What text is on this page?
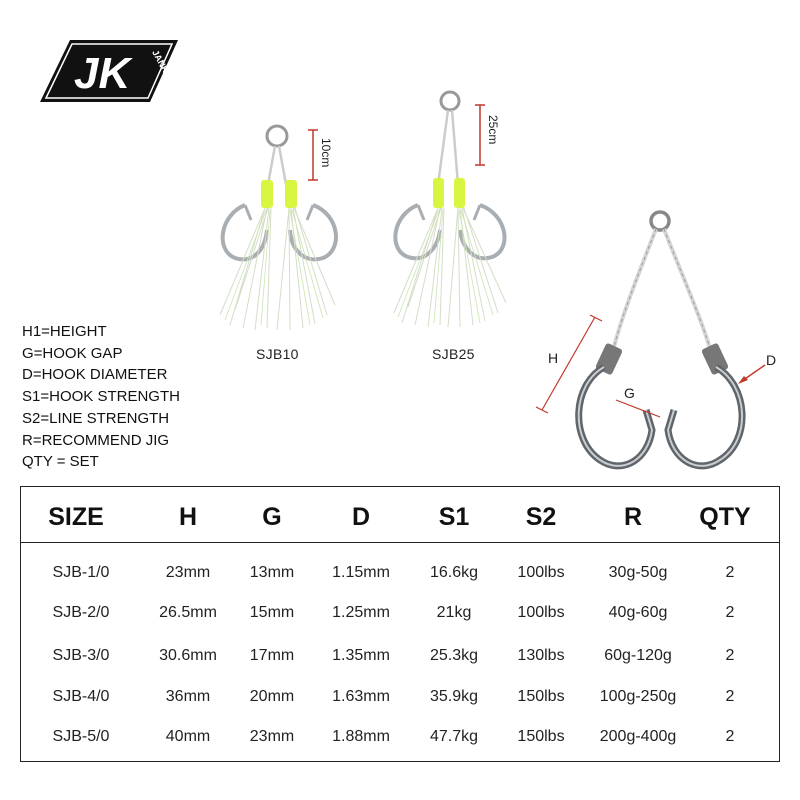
JK	JANKER
10cm
25cm
H
G
D
SJB10	SJB25
H1=HEIGHT
G=HOOK GAP
D=HOOK DIAMETER
S1=HOOK STRENGTH
S2=LINE STRENGTH
R=RECOMMEND JIG
QTY = SET
SIZE	H	G	D	S1 S2	R QTY
SJB-1/0	23mm 13mm 1.15mm	16.6kg 100lbs	30g-50g	2
SJB-2/0	26.5mm 15mm 1.25mm	21kg	100lbs	40g-60g	2
SJB-3/0	30.6mm 17mm 1.35mm	25.3kg 130lbs 60g-120g	2
SJB-4/0	36mm 20mm 1.63mm	35.9kg 150lbs 100g-250g	2
SJB-5/0	40mm 23mm 1.88mm	47.7kg 150lbs 200g-400g	2
